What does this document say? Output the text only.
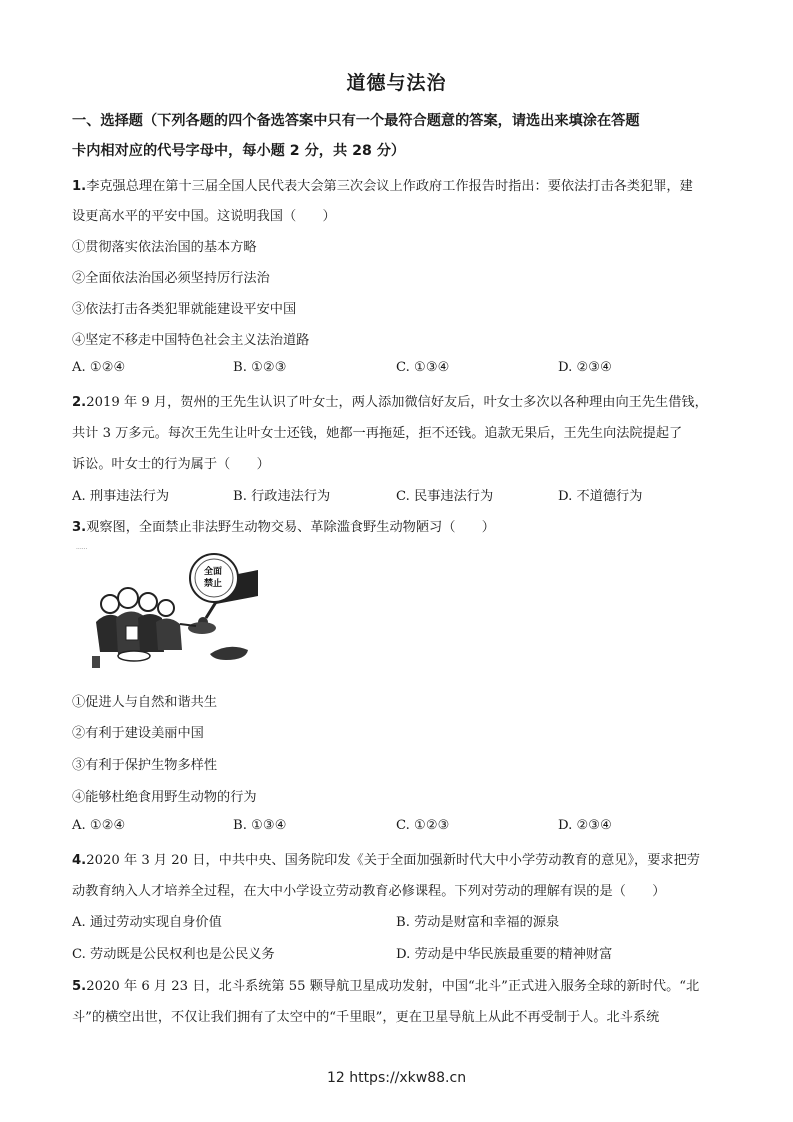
道德与法治
一、选择题（下列各题的四个备选答案中只有一个最符合题意的答案，请选出来填涂在答题
卡内相对应的代号字母中，每小题 2 分，共 28 分）
1.李克强总理在第十三届全国人民代表大会第三次会议上作政府工作报告时指出：要依法打击各类犯罪，建
设更高水平的平安中国。这说明我国（　　）
①贯彻落实依法治国的基本方略
②全面依法治国必须坚持厉行法治
③依法打击各类犯罪就能建设平安中国
④坚定不移走中国特色社会主义法治道路
A. ①②④	B. ①②③	C. ①③④	D. ②③④
2.2019 年 9 月，贺州的王先生认识了叶女士，两人添加微信好友后，叶女士多次以各种理由向王先生借钱，
共计 3 万多元。每次王先生让叶女士还钱，她都一再拖延，拒不还钱。追款无果后，王先生向法院提起了
诉讼。叶女士的行为属于（　　）
A. 刑事违法行为	B. 行政违法行为	C. 民事违法行为	D. 不道德行为
3.观察图，全面禁止非法野生动物交易、革除滥食野生动物陋习（　　）
······
全面
禁止
①促进人与自然和谐共生
②有利于建设美丽中国
③有利于保护生物多样性
④能够杜绝食用野生动物的行为
A. ①②④	B. ①③④	C. ①②③	D. ②③④
4.2020 年 3 月 20 日，中共中央、国务院印发《关于全面加强新时代大中小学劳动教育的意见》，要求把劳
动教育纳入人才培养全过程，在大中小学设立劳动教育必修课程。下列对劳动的理解有误的是（　　）
A. 通过劳动实现自身价值	B. 劳动是财富和幸福的源泉
C. 劳动既是公民权利也是公民义务	D. 劳动是中华民族最重要的精神财富
5.2020 年 6 月 23 日，北斗系统第 55 颗导航卫星成功发射，中国“北斗”正式进入服务全球的新时代。“北
斗”的横空出世，不仅让我们拥有了太空中的“千里眼”，更在卫星导航上从此不再受制于人。北斗系统
12 https://xkw88.cn
